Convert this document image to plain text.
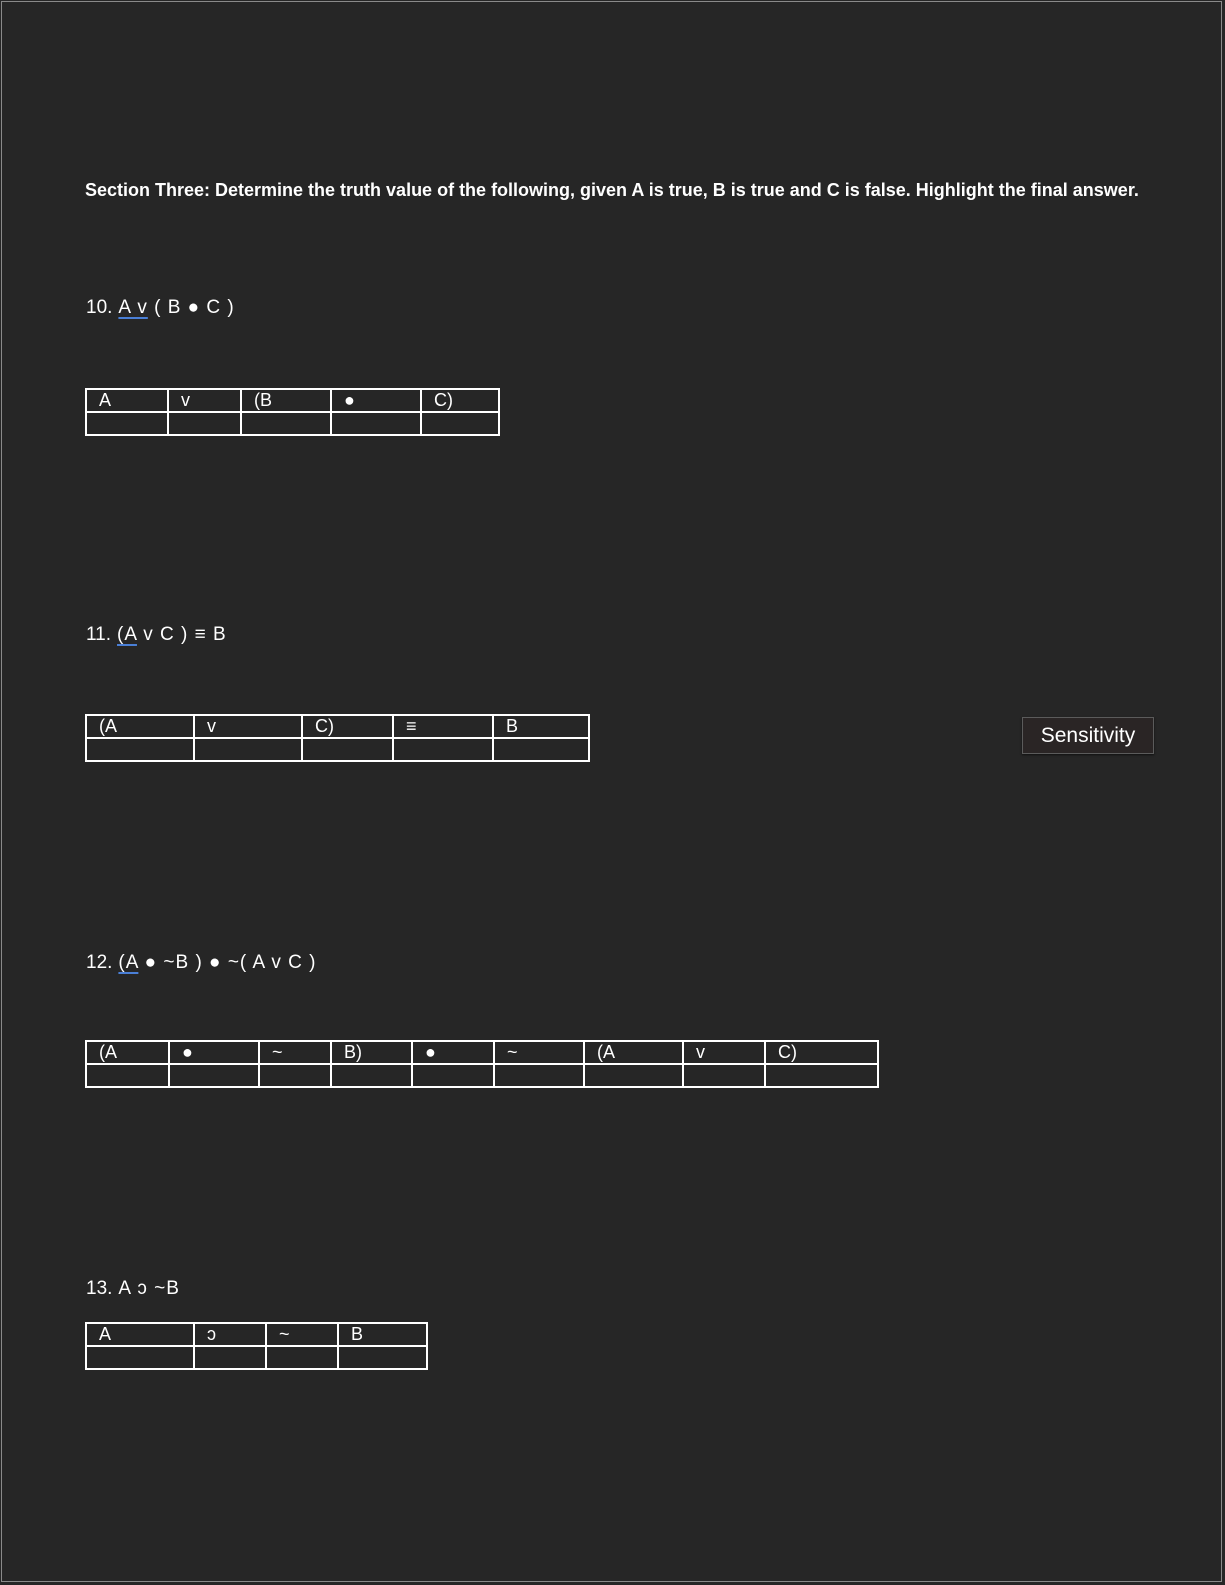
Section Three: Determine the truth value of the following, given A is true, B is true and C is false. Highlight the final answer.
10. A v ( B ● C )
A	v	(B	●	C)

11. (A v C ) ≡ B
(A	v	C)	≡	B

12. (A ● ~B ) ● ~( A v C )
(A	●	~	B)	●	~	(A	v	C)

13. A ɔ ~B
A	ɔ	~	B

Sensitivity
